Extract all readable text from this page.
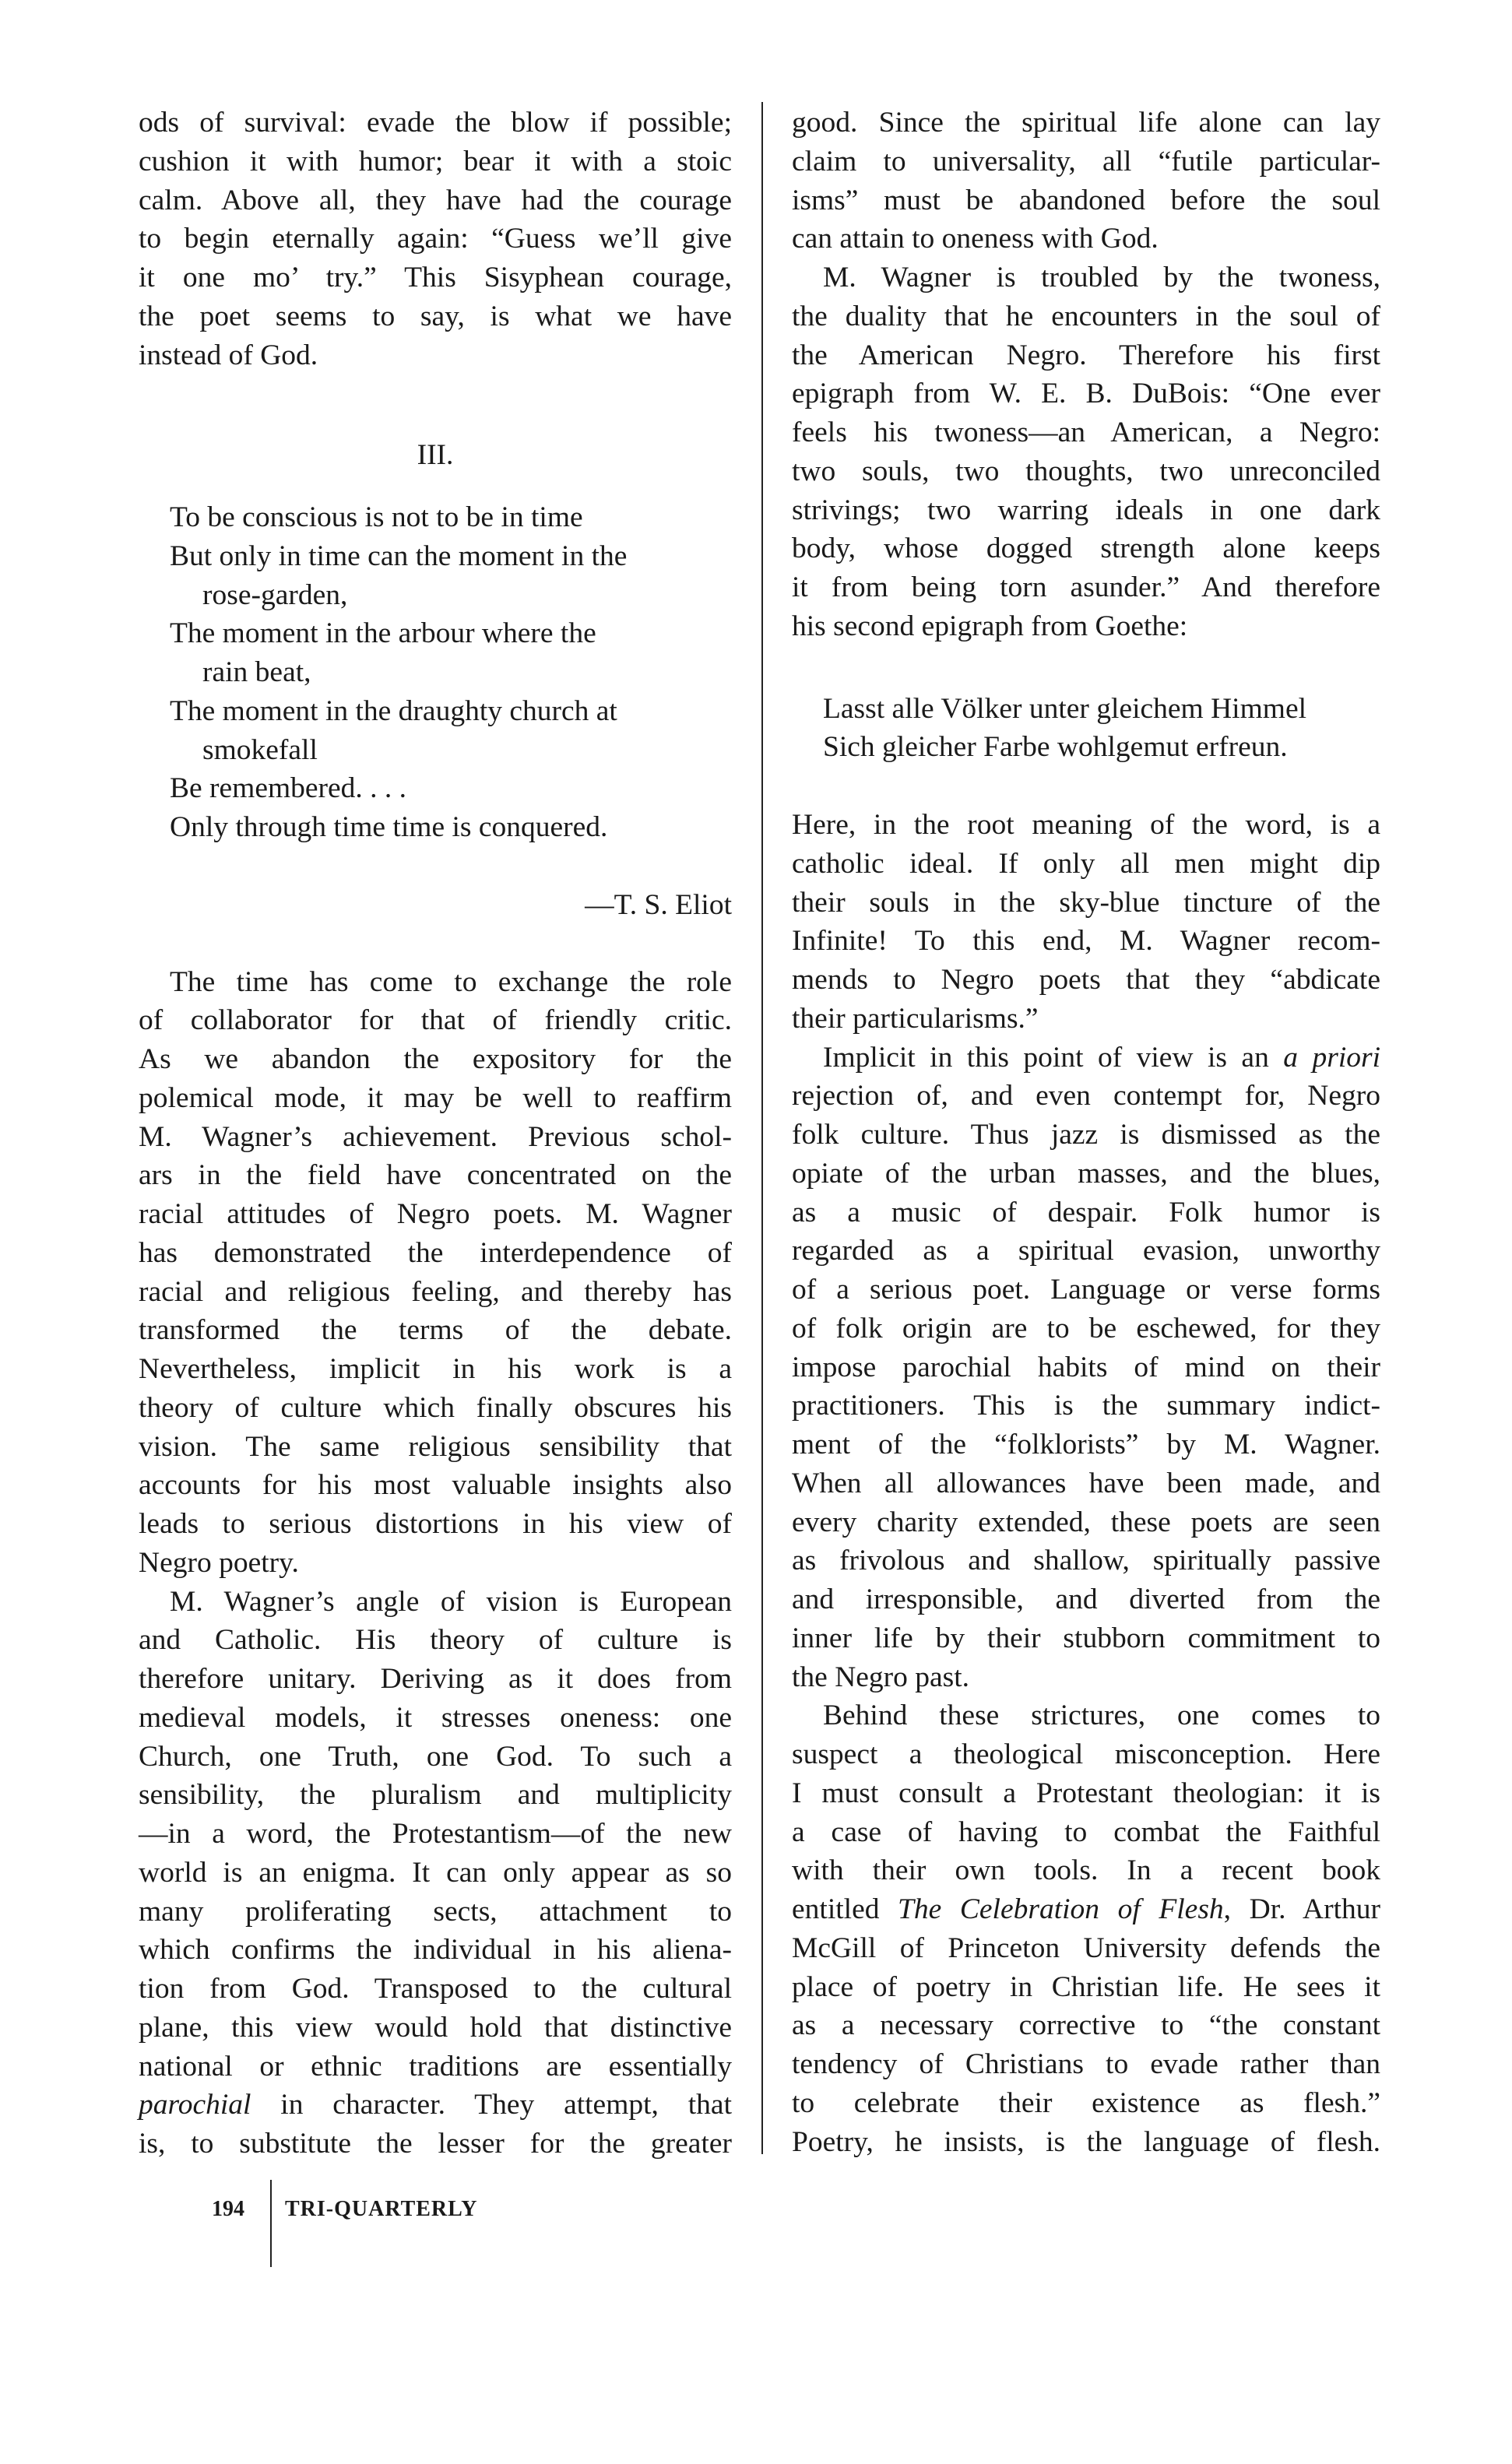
ods of survival: evade the blow if possible;
cushion it with humor; bear it with a stoic
calm. Above all, they have had the courage
to begin eternally again: “Guess we’ll give
it one mo’ try.” This Sisyphean courage,
the poet seems to say, is what we have
instead of God.
III.
To be conscious is not to be in time
But only in time can the moment in the
rose-garden,
The moment in the arbour where the
rain beat,
The moment in the draughty church at
smokefall
Be remembered. . . .
Only through time time is conquered.
—T. S. Eliot
The time has come to exchange the role
of collaborator for that of friendly critic.
As we abandon the expository for the
polemical mode, it may be well to reaffirm
M. Wagner’s achievement. Previous schol-
ars in the field have concentrated on the
racial attitudes of Negro poets. M. Wagner
has demonstrated the interdependence of
racial and religious feeling, and thereby has
transformed the terms of the debate.
Nevertheless, implicit in his work is a
theory of culture which finally obscures his
vision. The same religious sensibility that
accounts for his most valuable insights also
leads to serious distortions in his view of
Negro poetry.
M. Wagner’s angle of vision is European
and Catholic. His theory of culture is
therefore unitary. Deriving as it does from
medieval models, it stresses oneness: one
Church, one Truth, one God. To such a
sensibility, the pluralism and multiplicity
—in a word, the Protestantism—of the new
world is an enigma. It can only appear as so
many proliferating sects, attachment to
which confirms the individual in his aliena-
tion from God. Transposed to the cultural
plane, this view would hold that distinctive
national or ethnic traditions are essentially
parochial in character. They attempt, that
is, to substitute the lesser for the greater
good. Since the spiritual life alone can lay
claim to universality, all “futile particular-
isms” must be abandoned before the soul
can attain to oneness with God.
M. Wagner is troubled by the twoness,
the duality that he encounters in the soul of
the American Negro. Therefore his first
epigraph from W. E. B. DuBois: “One ever
feels his twoness—an American, a Negro:
two souls, two thoughts, two unreconciled
strivings; two warring ideals in one dark
body, whose dogged strength alone keeps
it from being torn asunder.” And therefore
his second epigraph from Goethe:
Lasst alle Völker unter gleichem Himmel
Sich gleicher Farbe wohlgemut erfreun.
Here, in the root meaning of the word, is a
catholic ideal. If only all men might dip
their souls in the sky-blue tincture of the
Infinite! To this end, M. Wagner recom-
mends to Negro poets that they “abdicate
their particularisms.”
Implicit in this point of view is an a priori
rejection of, and even contempt for, Negro
folk culture. Thus jazz is dismissed as the
opiate of the urban masses, and the blues,
as a music of despair. Folk humor is
regarded as a spiritual evasion, unworthy
of a serious poet. Language or verse forms
of folk origin are to be eschewed, for they
impose parochial habits of mind on their
practitioners. This is the summary indict-
ment of the “folklorists” by M. Wagner.
When all allowances have been made, and
every charity extended, these poets are seen
as frivolous and shallow, spiritually passive
and irresponsible, and diverted from the
inner life by their stubborn commitment to
the Negro past.
Behind these strictures, one comes to
suspect a theological misconception. Here
I must consult a Protestant theologian: it is
a case of having to combat the Faithful
with their own tools. In a recent book
entitled The Celebration of Flesh, Dr. Arthur
McGill of Princeton University defends the
place of poetry in Christian life. He sees it
as a necessary corrective to “the constant
tendency of Christians to evade rather than
to celebrate their existence as flesh.”
Poetry, he insists, is the language of flesh.
194 TRI-QUARTERLY
